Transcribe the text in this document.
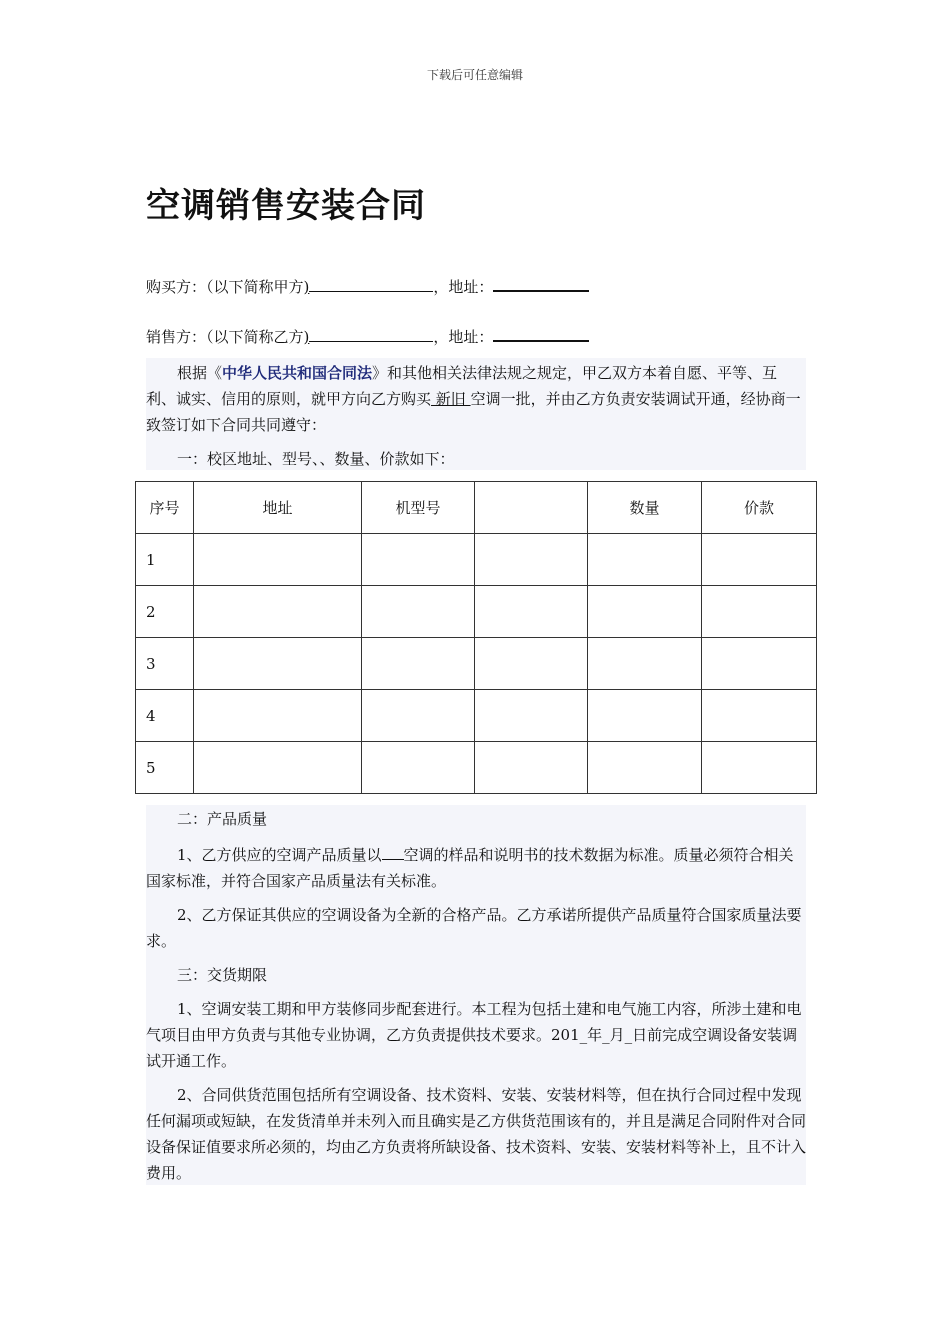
下载后可任意编辑
空调销售安装合同
购买方：（以下简称甲方)	，地址：
销售方：（以下简称乙方)	，地址：

根据《中华人民共和国合同法》和其他相关法律法规之规定，甲乙双方本着自愿、平等、互利、诚实、信用的原则，就甲方向乙方购买 新旧 空调一批，并由乙方负责安装调试开通，经协商一致签订如下合同共同遵守：

一：校区地址、型号、、数量、价款如下：

序号	地址	机型号		数量	价款
1					
2					
3					
4					
5					

二：产品质量

1、乙方供应的空调产品质量以 空调的样品和说明书的技术数据为标准。质量必须符合相关国家标准，并符合国家产品质量法有关标准。

2、乙方保证其供应的空调设备为全新的合格产品。乙方承诺所提供产品质量符合国家质量法要求。

三：交货期限

1、空调安装工期和甲方装修同步配套进行。本工程为包括土建和电气施工内容，所涉土建和电气项目由甲方负责与其他专业协调，乙方负责提供技术要求。201_年_月_日前完成空调设备安装调试开通工作。

2、合同供货范围包括所有空调设备、技术资料、安装、安装材料等，但在执行合同过程中发现任何漏项或短缺，在发货清单并未列入而且确实是乙方供货范围该有的，并且是满足合同附件对合同设备保证值要求所必须的，均由乙方负责将所缺设备、技术资料、安装、安装材料等补上，且不计入费用。
